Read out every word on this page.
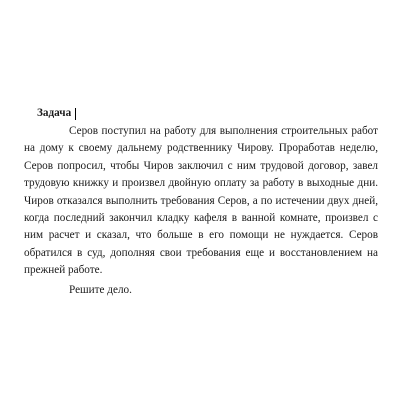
Задача

Серов поступил на работу для выполнения строительных работ на дому к своему дальнему родственнику Чирову. Проработав неделю, Серов попросил, чтобы Чиров заключил с ним трудовой договор, завел трудовую книжку и произвел двойную оплату за работу в выходные дни. Чиров отказался выполнить требования Серов, а по истечении двух дней, когда последний закончил кладку кафеля в ванной комнате, произвел с ним расчет и сказал, что больше в его помощи не нуждается. Серов обратился в суд, дополняя свои требования еще и восстановлением на прежней работе.

Решите дело.
